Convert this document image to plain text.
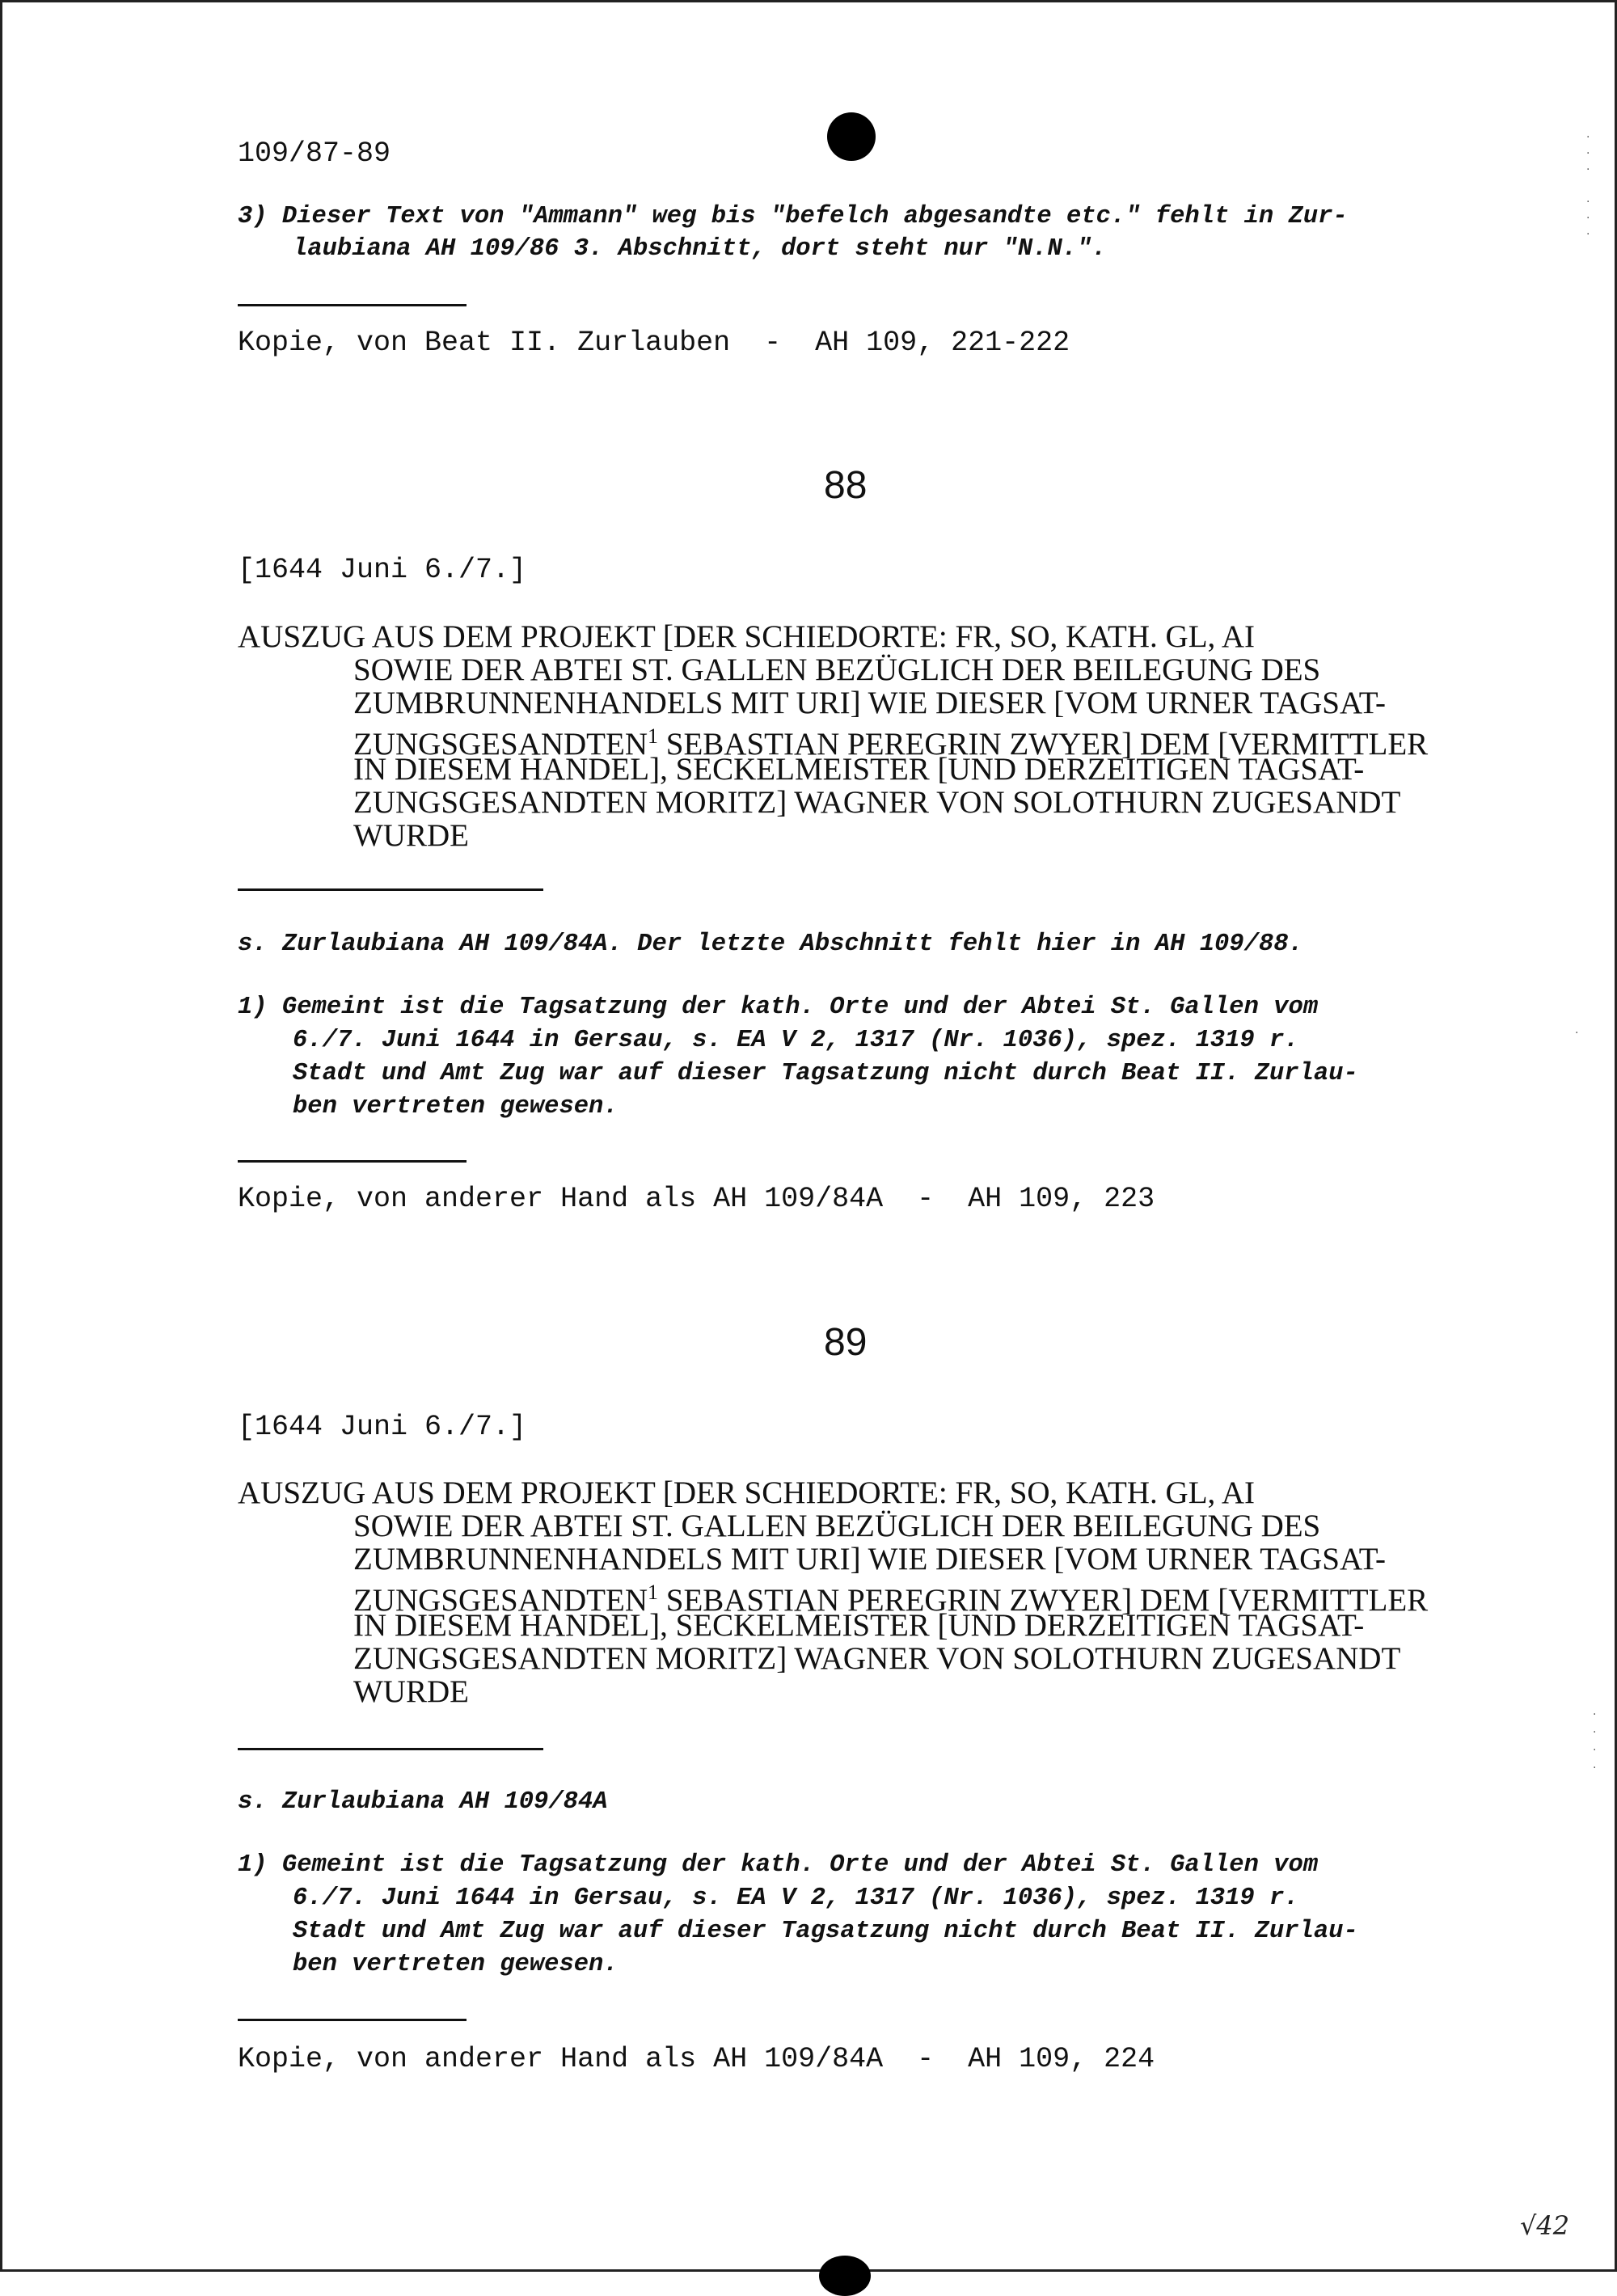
·
·
·

·
·
·
·
·
·
·
·
109/87-89
3) Dieser Text von "Ammann" weg bis "befelch abgesandte etc." fehlt in Zur-
laubiana AH 109/86 3. Abschnitt, dort steht nur "N.N.".
Kopie, von Beat II. Zurlauben  -  AH 109, 221-222
88
[1644 Juni 6./7.]
AUSZUG AUS DEM PROJEKT [DER SCHIEDORTE: FR, SO, KATH. GL, AI
SOWIE DER ABTEI ST. GALLEN BEZÜGLICH DER BEILEGUNG DES
ZUMBRUNNENHANDELS MIT URI] WIE DIESER [VOM URNER TAGSAT-
ZUNGSGESANDTEN$^1$ SEBASTIAN PEREGRIN ZWYER] DEM [VERMITTLER
IN DIESEM HANDEL], SECKELMEISTER [UND DERZEITIGEN TAGSAT-
ZUNGSGESANDTEN MORITZ] WAGNER VON SOLOTHURN ZUGESANDT
WURDE
s. Zurlaubiana AH 109/84A. Der letzte Abschnitt fehlt hier in AH 109/88.
1) Gemeint ist die Tagsatzung der kath. Orte und der Abtei St. Gallen vom
6./7. Juni 1644 in Gersau, s. EA V 2, 1317 (Nr. 1036), spez. 1319 r.
Stadt und Amt Zug war auf dieser Tagsatzung nicht durch Beat II. Zurlau-
ben vertreten gewesen.
Kopie, von anderer Hand als AH 109/84A  -  AH 109, 223
89
[1644 Juni 6./7.]
AUSZUG AUS DEM PROJEKT [DER SCHIEDORTE: FR, SO, KATH. GL, AI
SOWIE DER ABTEI ST. GALLEN BEZÜGLICH DER BEILEGUNG DES
ZUMBRUNNENHANDELS MIT URI] WIE DIESER [VOM URNER TAGSAT-
ZUNGSGESANDTEN$^1$ SEBASTIAN PEREGRIN ZWYER] DEM [VERMITTLER
IN DIESEM HANDEL], SECKELMEISTER [UND DERZEITIGEN TAGSAT-
ZUNGSGESANDTEN MORITZ] WAGNER VON SOLOTHURN ZUGESANDT
WURDE
s. Zurlaubiana AH 109/84A
1) Gemeint ist die Tagsatzung der kath. Orte und der Abtei St. Gallen vom
6./7. Juni 1644 in Gersau, s. EA V 2, 1317 (Nr. 1036), spez. 1319 r.
Stadt und Amt Zug war auf dieser Tagsatzung nicht durch Beat II. Zurlau-
ben vertreten gewesen.
Kopie, von anderer Hand als AH 109/84A  -  AH 109, 224
√42
